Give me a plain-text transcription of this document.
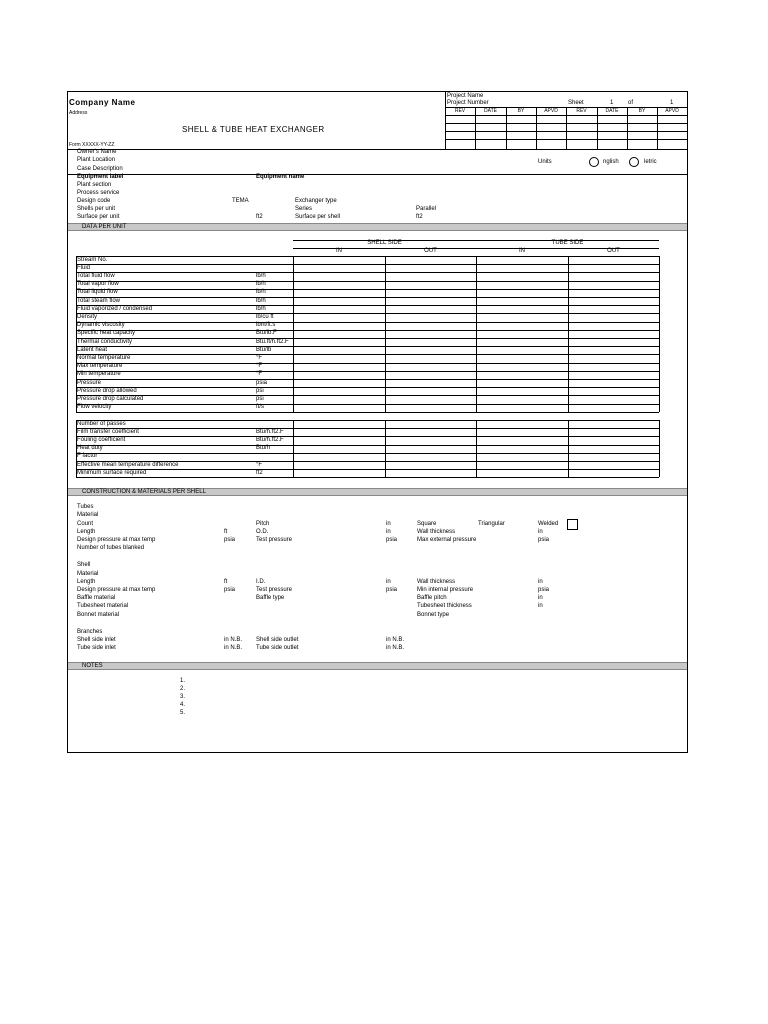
Company Name
Address
SHELL & TUBE HEAT EXCHANGER
Form XXXXX-YY-ZZ
Project Name
Project Number	Sheet	1 of	1
REV	DATE	BY	APVD	REV	DATE	BY	APVD
Owner's Name
Plant Location
Case Description
Units	nglish	letric
Equipment label	Equipment name
Plant section
Process service
Design code	TEMA	Exchanger type
Shells per unit	Series	Parallel
Surface per unit	ft2	Surface per shell	ft2
DATA PER UNIT
SHELL SIDE	TUBE SIDE
IN	OUT	IN	OUT
Stream No.
Fluid
Total fluid flow	lb/h
Total vapor flow	lb/h
Total liquid flow	lb/h
Total steam flow	lb/h
Fluid vaporized / condensed	lb/h
Density	lb/cu ft
Dynamic viscosity	lbm/ft.s
Specific heat capacity	Btu/lb.F
Thermal conductivity	Btu.ft/h.ft2.F
Latent heat	Btu/lb
Normal temperature	°F
Max temperature	°F
Min temperature	°F
Pressure	psia
Pressure drop allowed	psi
Pressure drop calculated	psi
Flow velocity	ft/s
Number of passes
Film transfer coefficient	Btu/h.ft2.F
Fouling coefficient	Btu/h.ft2.F
Heat duty	Btu/h
F factor
Effective mean temperature difference	°F
Minimum surface required	ft2
CONSTRUCTION & MATERIALS PER SHELL
Tubes
Material
Count	Pitch	in	Square	Triangular	Welded
Length	ft	O.D.	in	Wall thickness	in
Design pressure at max temp	psia	Test pressure	psia	Max external pressure	psia
Number of tubes blanked
Shell
Material
Length	ft	I.D.	in	Wall thickness	in
Design pressure at max temp	psia	Test pressure	psia	Min internal pressure	psia
Baffle material	Baffle type	Baffle pitch	in
Tubesheet material	Tubesheet thickness	in
Bonnet material	Bonnet type
Branches
Shell side inlet	in N.B. Shell side outlet	in N.B.
Tube side inlet	in N.B. Tube side outlet	in N.B.
NOTES
1.
2.
3.
4.
5.
